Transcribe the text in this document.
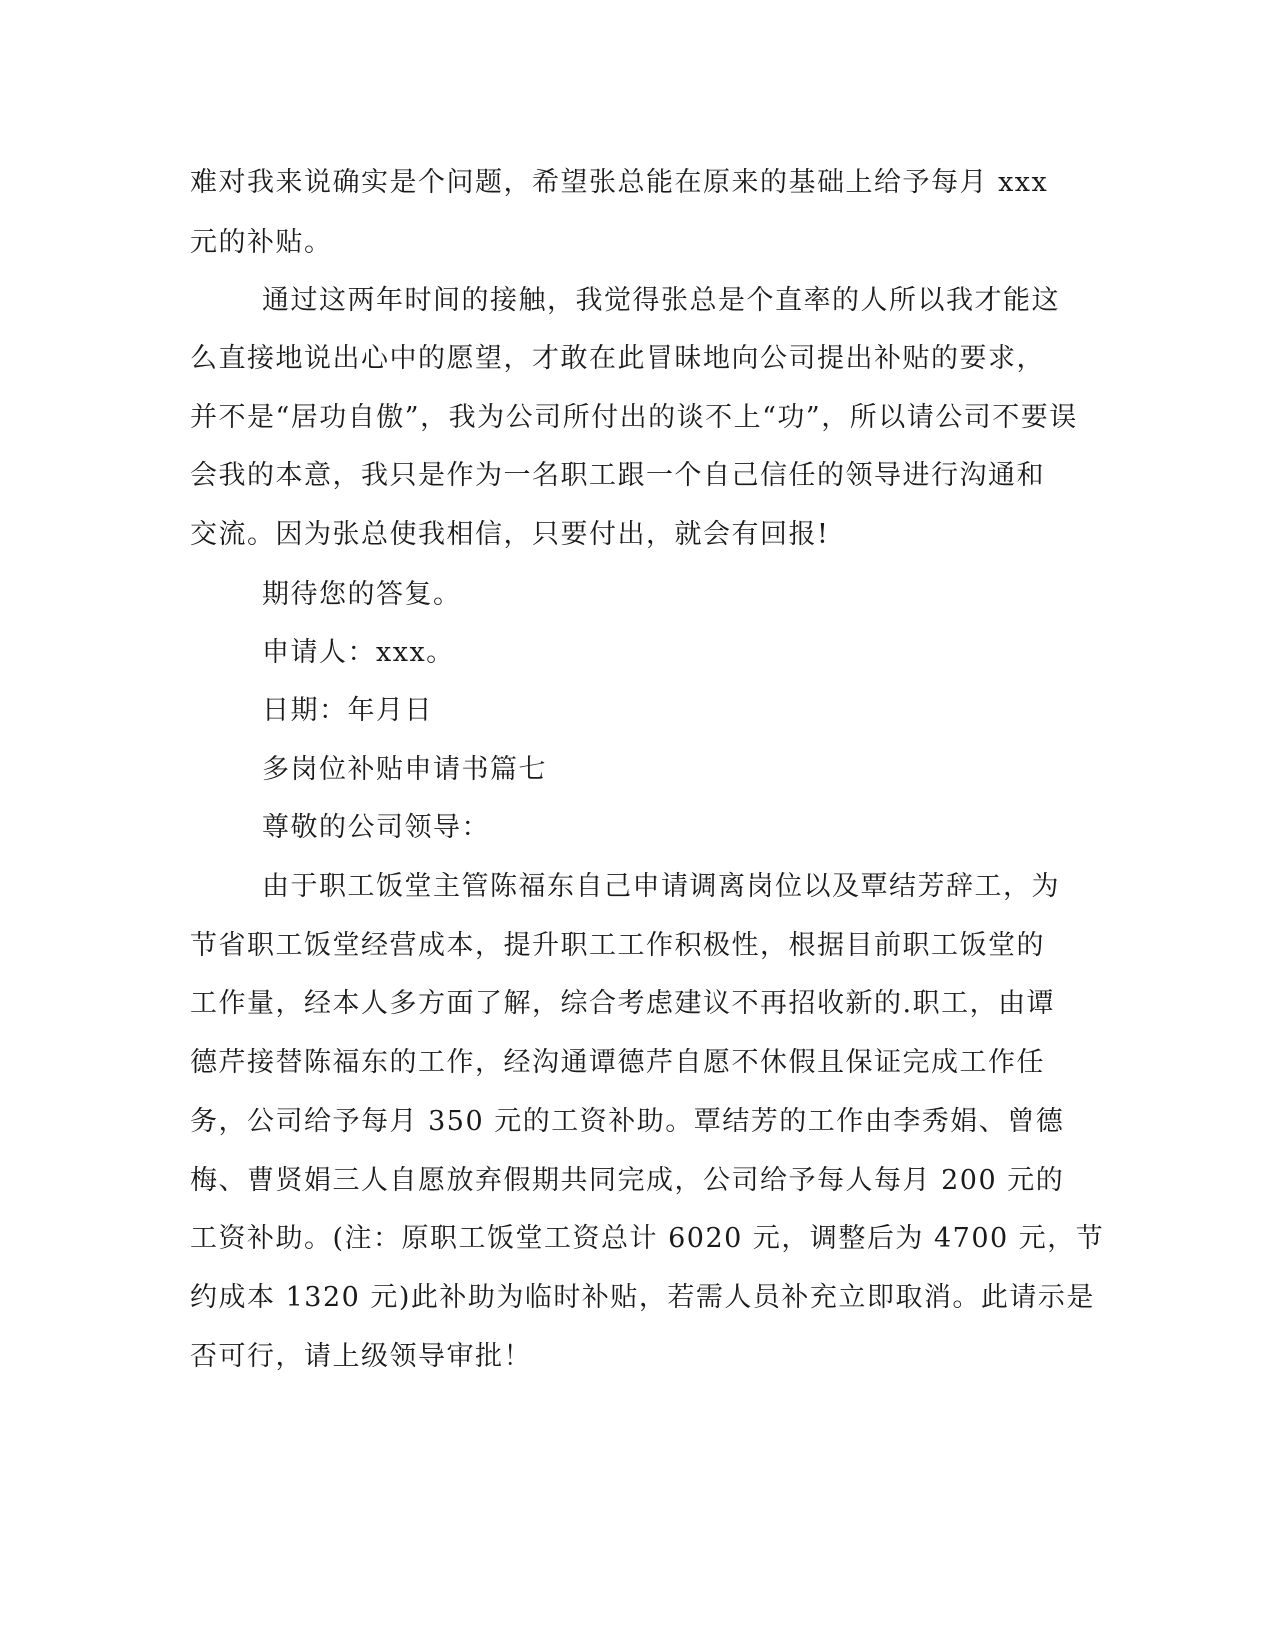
难对我来说确实是个问题，希望张总能在原来的基础上给予每月 xxx
元的补贴。
通过这两年时间的接触，我觉得张总是个直率的人所以我才能这
么直接地说出心中的愿望，才敢在此冒昧地向公司提出补贴的要求，
并不是“居功自傲”，我为公司所付出的谈不上“功”，所以请公司不要误
会我的本意，我只是作为一名职工跟一个自己信任的领导进行沟通和
交流。因为张总使我相信，只要付出，就会有回报!
期待您的答复。
申请人：xxx。
日期：年月日
多岗位补贴申请书篇七
尊敬的公司领导：
由于职工饭堂主管陈福东自己申请调离岗位以及覃结芳辞工，为
节省职工饭堂经营成本，提升职工工作积极性，根据目前职工饭堂的
工作量，经本人多方面了解，综合考虑建议不再招收新的.职工，由谭
德芹接替陈福东的工作，经沟通谭德芹自愿不休假且保证完成工作任
务，公司给予每月 350 元的工资补助。覃结芳的工作由李秀娟、曾德
梅、曹贤娟三人自愿放弃假期共同完成，公司给予每人每月 200 元的
工资补助。(注：原职工饭堂工资总计 6020 元，调整后为 4700 元，节
约成本 1320 元)此补助为临时补贴，若需人员补充立即取消。此请示是
否可行，请上级领导审批！
